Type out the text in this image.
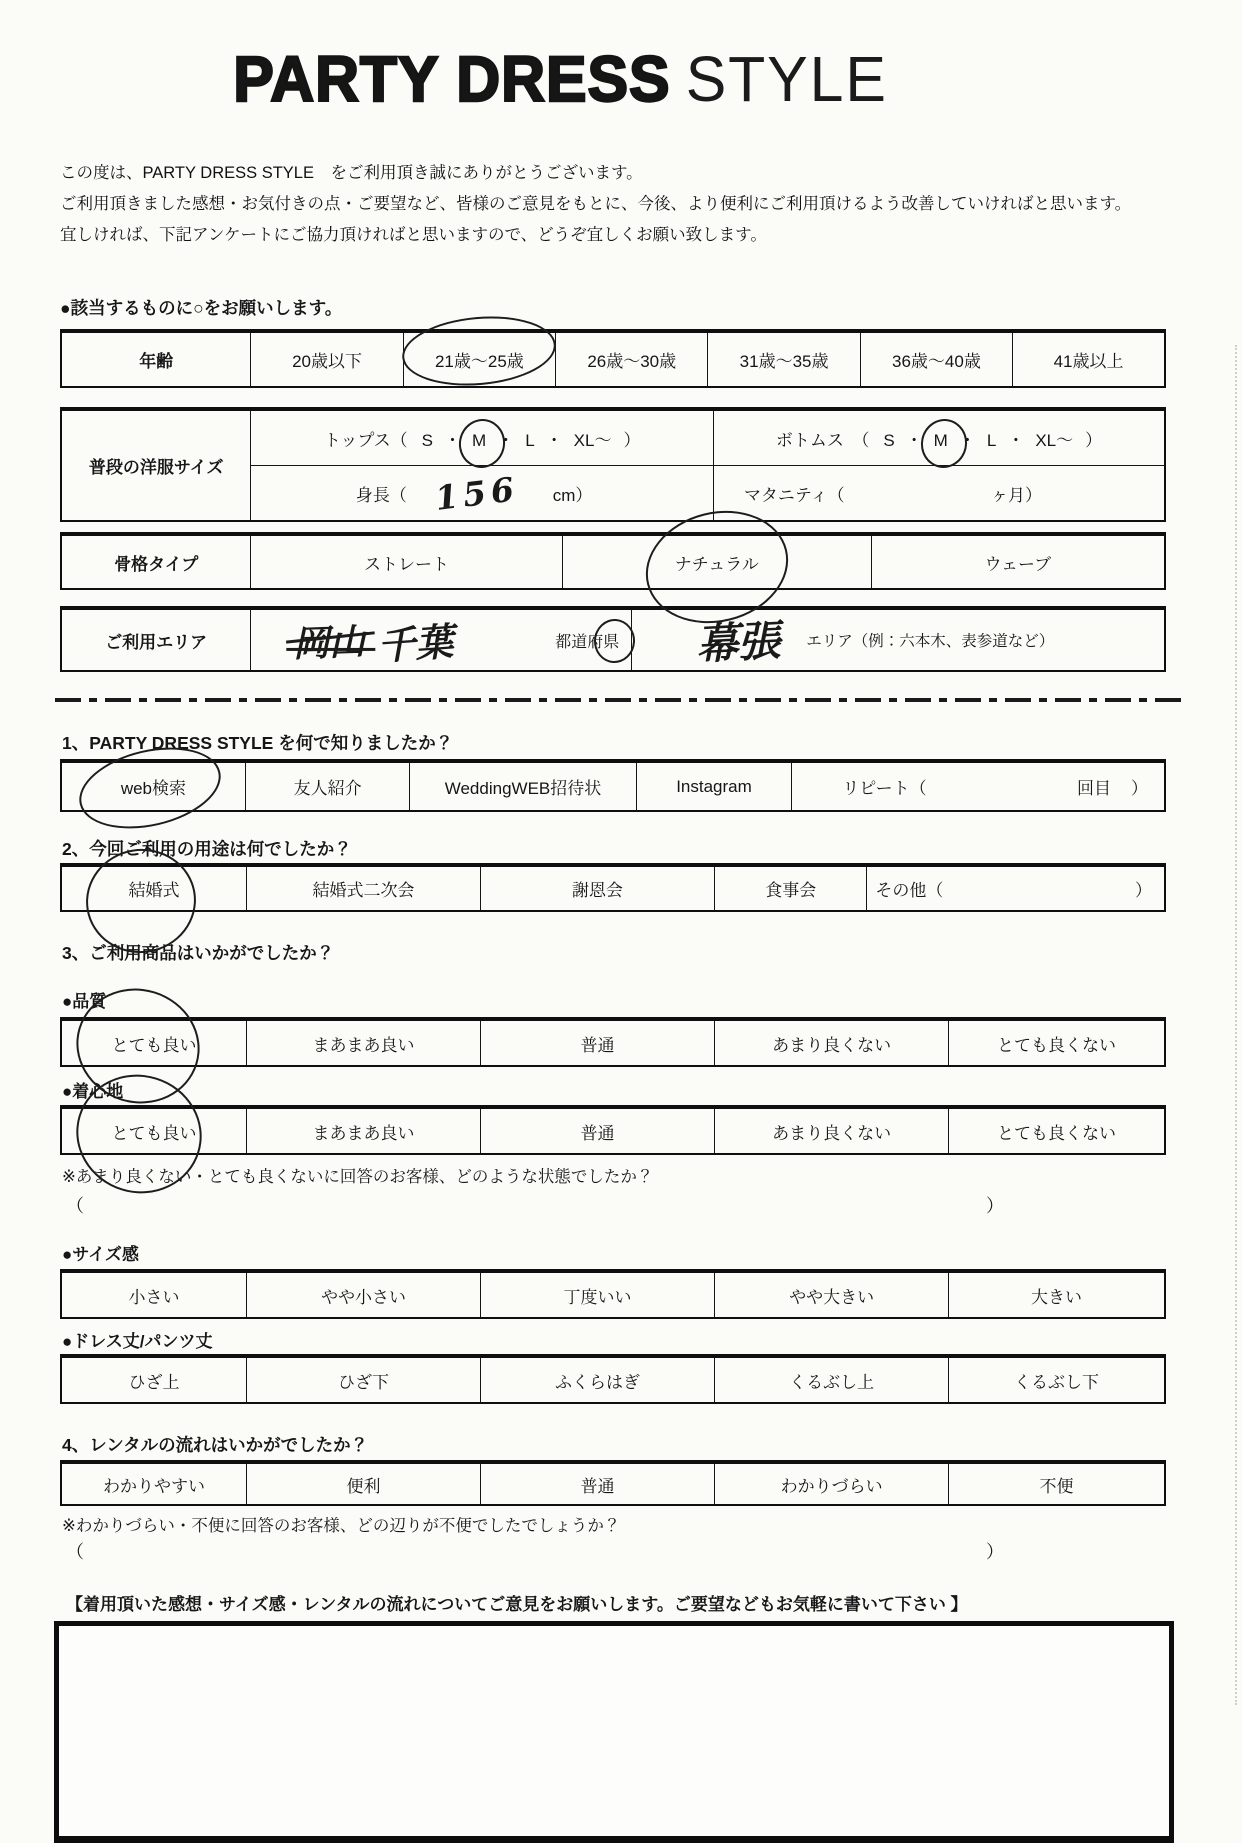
PARTY DRESS STYLE
この度は、PARTY DRESS STYLE　をご利用頂き誠にありがとうございます。
ご利用頂きました感想・お気付きの点・ご要望など、皆様のご意見をもとに、今後、より便利にご利用頂けるよう改善していければと思います。
宜しければ、下記アンケートにご協力頂ければと思いますので、どうぞ宜しくお願い致します。
●該当するものに○をお願いします。
年齢	20歳以下	21歳～25歳	26歳～30歳	31歳～35歳	36歳～40歳	41歳以上
普段の洋服サイズ	トップス（ S ・ M ・ L ・ XL～ ）	ボトムス　（ S ・ M ・ L ・ XL～ ）

	身長（ 156 cm）	マタニティ（ ヶ月）
骨格タイプ	ストレート	ナチュラル	ウェーブ
ご利用エリア	岡山 千葉	都道府県	幕張 エリア（例：六本木、表参道など）
1、PARTY DRESS STYLE を何で知りましたか？
web検索	友人紹介	WeddingWEB招待状	Instagram	リピート（	回目 ）
2、今回ご利用の用途は何でしたか？
結婚式	結婚式二次会	謝恩会	食事会	その他（	）
3、ご利用商品はいかがでしたか？
●品質
とても良い	まあまあ良い	普通	あまり良くない	とても良くない
●着心地
とても良い	まあまあ良い	普通	あまり良くない	とても良くない
※あまり良くない・とても良くないに回答のお客様、どのような状態でしたか？
（	）
●サイズ感
小さい	やや小さい	丁度いい	やや大きい	大きい
●ドレス丈/パンツ丈
ひざ上	ひざ下	ふくらはぎ	くるぶし上	くるぶし下
4、レンタルの流れはいかがでしたか？
わかりやすい	便利	普通	わかりづらい	不便
※わかりづらい・不便に回答のお客様、どの辺りが不便でしたでしょうか？
（	）
【着用頂いた感想・サイズ感・レンタルの流れについてご意見をお願いします。ご要望などもお気軽に書いて下さい 】
